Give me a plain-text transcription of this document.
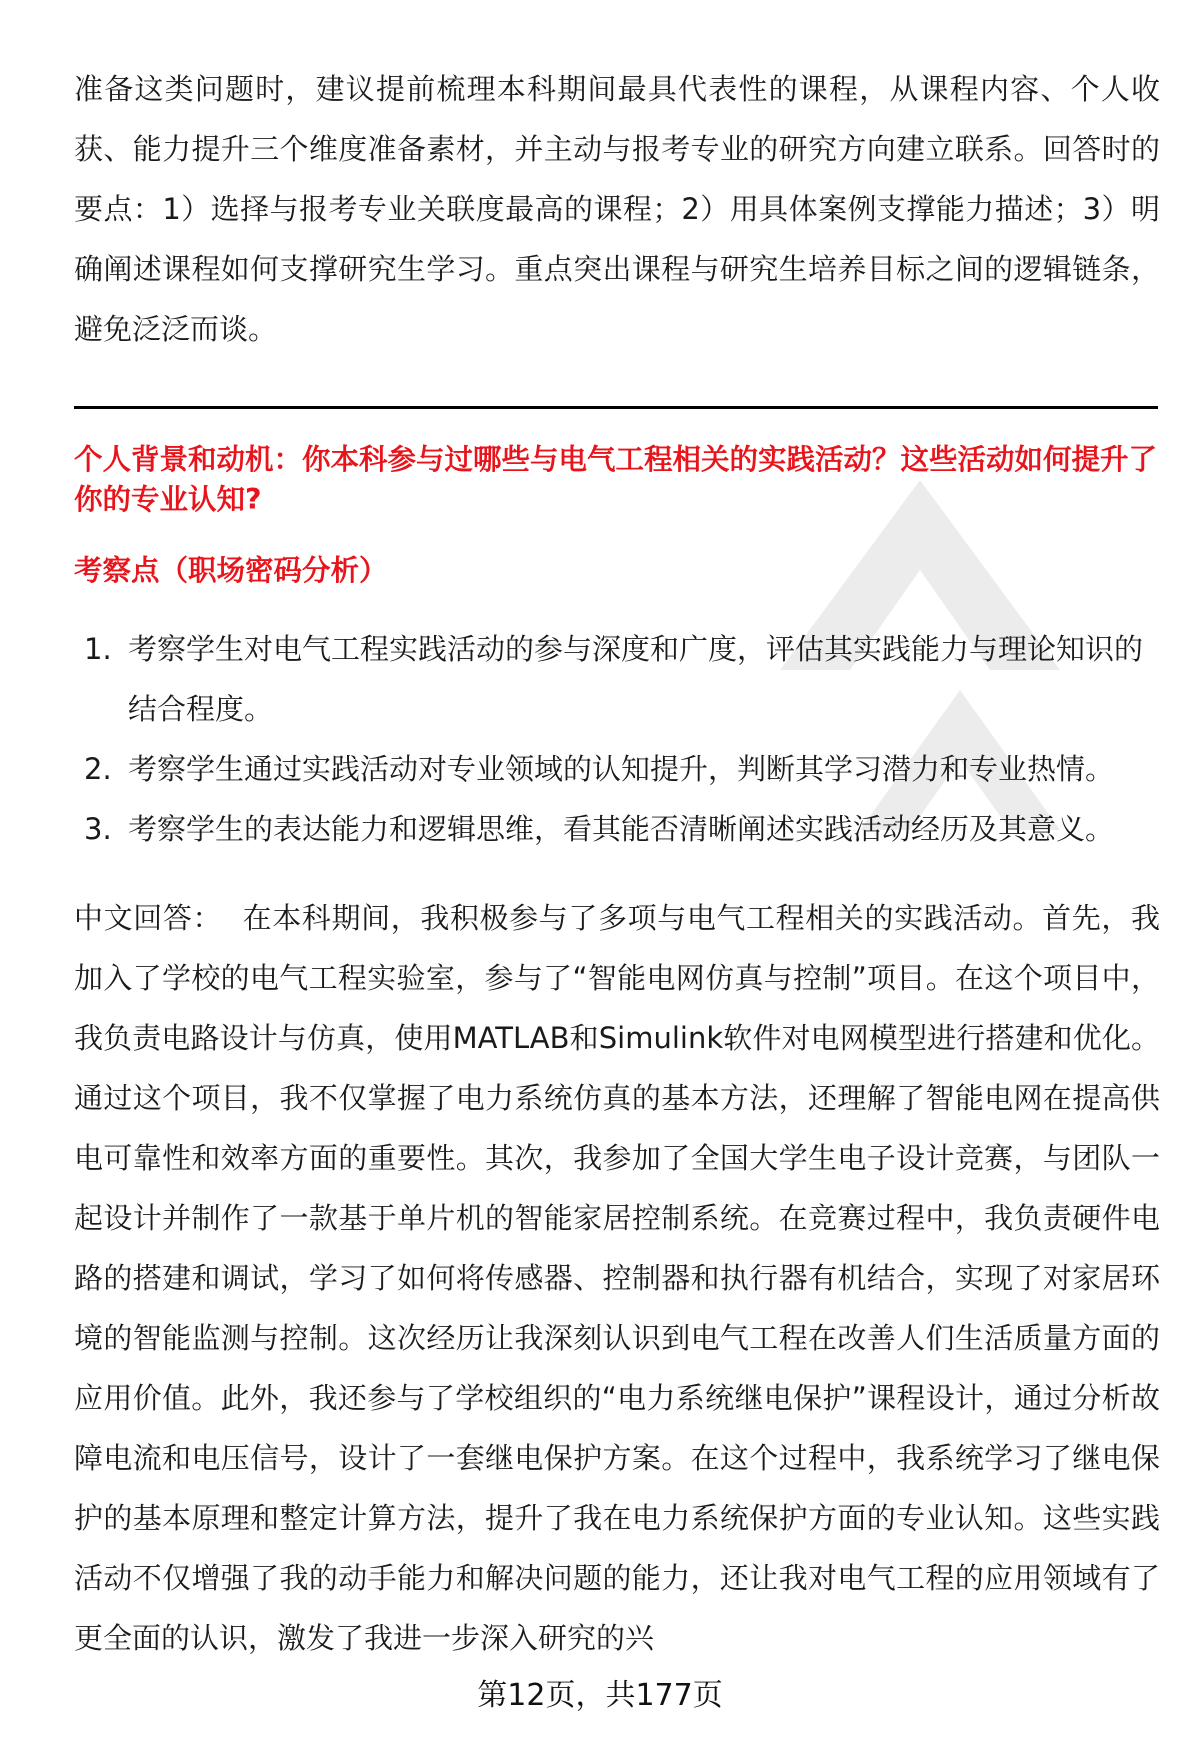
准备这类问题时，建议提前梳理本科期间最具代表性的课程，从课程内容、个人收获、能力提升三个维度准备素材，并主动与报考专业的研究方向建立联系。回答时的要点：1）选择与报考专业关联度最高的课程；2）用具体案例支撑能力描述；3）明确阐述课程如何支撑研究生学习。重点突出课程与研究生培养目标之间的逻辑链条，避免泛泛而谈。
个人背景和动机：你本科参与过哪些与电气工程相关的实践活动？这些活动如何提升了你的专业认知?
考察点（职场密码分析）
1. 考察学生对电气工程实践活动的参与深度和广度，评估其实践能力与理论知识的结合程度。
2. 考察学生通过实践活动对专业领域的认知提升，判断其学习潜力和专业热情。
3. 考察学生的表达能力和逻辑思维，看其能否清晰阐述实践活动经历及其意义。
中文回答： 在本科期间，我积极参与了多项与电气工程相关的实践活动。首先，我加入了学校的电气工程实验室，参与了“智能电网仿真与控制”项目。在这个项目中，我负责电路设计与仿真，使用MATLAB和Simulink软件对电网模型进行搭建和优化。通过这个项目，我不仅掌握了电力系统仿真的基本方法，还理解了智能电网在提高供电可靠性和效率方面的重要性。其次，我参加了全国大学生电子设计竞赛，与团队一起设计并制作了一款基于单片机的智能家居控制系统。在竞赛过程中，我负责硬件电路的搭建和调试，学习了如何将传感器、控制器和执行器有机结合，实现了对家居环境的智能监测与控制。这次经历让我深刻认识到电气工程在改善人们生活质量方面的应用价值。此外，我还参与了学校组织的“电力系统继电保护”课程设计，通过分析故障电流和电压信号，设计了一套继电保护方案。在这个过程中，我系统学习了继电保护的基本原理和整定计算方法，提升了我在电力系统保护方面的专业认知。这些实践活动不仅增强了我的动手能力和解决问题的能力，还让我对电气工程的应用领域有了更全面的认识，激发了我进一步深入研究的兴
第12页，共177页
